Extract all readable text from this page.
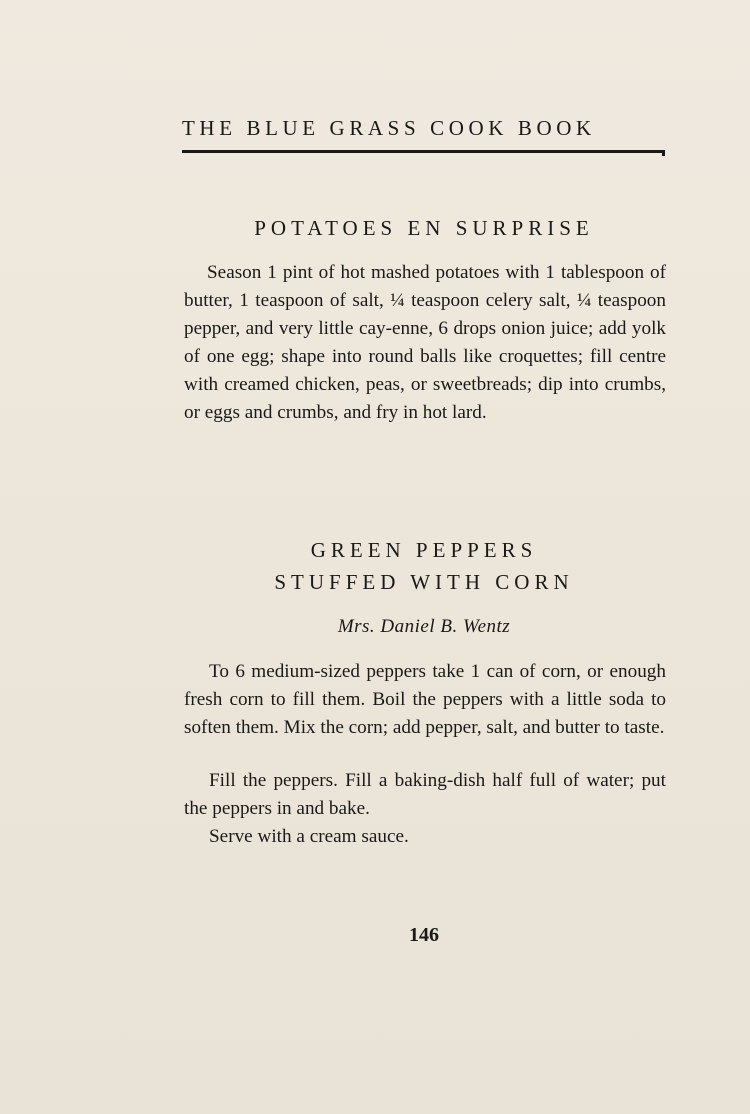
THE BLUE GRASS COOK BOOK
POTATOES EN SURPRISE
Season 1 pint of hot mashed potatoes with 1 tablespoon of butter, 1 teaspoon of salt, ¼ teaspoon celery salt, ¼ teaspoon pepper, and very little cay-enne, 6 drops onion juice; add yolk of one egg; shape into round balls like croquettes; fill centre with creamed chicken, peas, or sweetbreads; dip into crumbs, or eggs and crumbs, and fry in hot lard.
GREEN PEPPERS
STUFFED WITH CORN
Mrs. Daniel B. Wentz
To 6 medium-sized peppers take 1 can of corn, or enough fresh corn to fill them. Boil the peppers with a little soda to soften them. Mix the corn; add pepper, salt, and butter to taste.
Fill the peppers. Fill a baking-dish half full of water; put the peppers in and bake.
Serve with a cream sauce.
146
